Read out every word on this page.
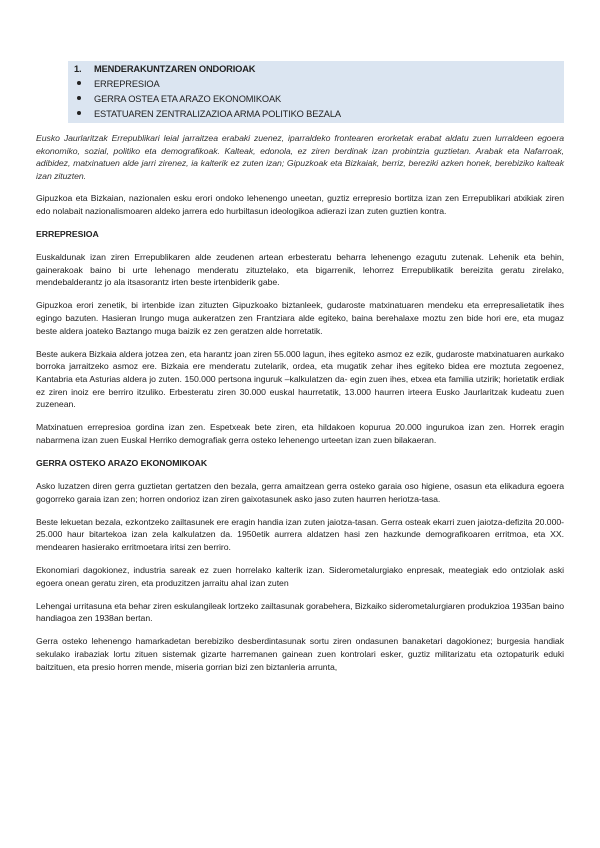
1. MENDERAKUNTZAREN ONDORIOAK
ERREPRESIOA
GERRA OSTEA ETA ARAZO EKONOMIKOAK
ESTATUAREN ZENTRALIZAZIOA ARMA POLITIKO BEZALA

Eusko Jaurlaritzak Errepublikari leial jarraitzea erabaki zuenez, iparraldeko frontearen erorketak erabat aldatu zuen lurraldeen egoera ekonomiko, sozial, politiko eta demografikoak. Kalteak, edonola, ez ziren berdinak izan probintzia guztietan. Arabak eta Nafarroak, adibidez, matxinatuen alde jarri zirenez, ia kalterik ez zuten izan; Gipuzkoak eta Bizkaiak, berriz, bereziki azken honek, berebiziko kalteak izan zituzten.

Gipuzkoa eta Bizkaian, nazionalen esku erori ondoko lehenengo uneetan, guztiz errepresio bortitza izan zen Errepublikari atxikiak ziren edo nolabait nazionalismoaren aldeko jarrera edo hurbiltasun ideologikoa adierazi izan zuten guztien kontra.

ERREPRESIOA

Euskaldunak izan ziren Errepublikaren alde zeudenen artean erbesteratu beharra lehenengo ezagutu zutenak. Lehenik eta behin, gainerakoak baino bi urte lehenago menderatu zituztelako, eta bigarrenik, lehorrez Errepublikatik bereizita geratu zirelako, mendebalderantz jo ala itsasorantz irten beste irtenbiderik gabe.

Gipuzkoa erori zenetik, bi irtenbide izan zituzten Gipuzkoako biztanleek, gudaroste matxinatuaren mendeku eta errepresalietatik ihes egingo bazuten. Hasieran Irungo muga aukeratzen zen Frantziara alde egiteko, baina berehalaxe moztu zen bide hori ere, eta mugaz beste aldera joateko Baztango muga baizik ez zen geratzen alde horretatik.

Beste aukera Bizkaia aldera jotzea zen, eta harantz joan ziren 55.000 lagun, ihes egiteko asmoz ez ezik, gudaroste matxinatuaren aurkako borroka jarraitzeko asmoz ere. Bizkaia ere menderatu zutelarik, ordea, eta mugatik zehar ihes egiteko bidea ere moztuta zegoenez, Kantabria eta Asturias aldera jo zuten. 150.000 pertsona inguruk –kalkulatzen da- egin zuen ihes, etxea eta familia utzirik; horietatik erdiak ez ziren inoiz ere berriro itzuliko. Erbesteratu ziren 30.000 euskal haurretatik, 13.000 haurren irteera Eusko Jaurlaritzak kudeatu zuen zuzenean.

Matxinatuen errepresioa gordina izan zen. Espetxeak bete ziren, eta hildakoen kopurua 20.000 ingurukoa izan zen. Horrek eragin nabarmena izan zuen Euskal Herriko demografiak gerra osteko lehenengo urteetan izan zuen bilakaeran.

GERRA OSTEKO ARAZO EKONOMIKOAK

Asko luzatzen diren gerra guztietan gertatzen den bezala, gerra amaitzean gerra osteko garaia oso higiene, osasun eta elikadura egoera gogorreko garaia izan zen; horren ondorioz izan ziren gaixotasunek asko jaso zuten haurren heriotza-tasa.

Beste lekuetan bezala, ezkontzeko zailtasunek ere eragin handia izan zuten jaiotza-tasan. Gerra osteak ekarri zuen jaiotza-defizita 20.000-25.000 haur bitartekoa izan zela kalkulatzen da. 1950etik aurrera aldatzen hasi zen hazkunde demografikoaren erritmoa, eta XX. mendearen hasierako erritmoetara iritsi zen berriro.

Ekonomiari dagokionez, industria sareak ez zuen horrelako kalterik izan. Siderometalurgiako enpresak, meategiak edo ontziolak aski egoera onean geratu ziren, eta produzitzen jarraitu ahal izan zuten

Lehengai urritasuna eta behar ziren eskulangileak lortzeko zailtasunak gorabehera, Bizkaiko siderometalurgiaren produkzioa 1935an baino handiagoa zen 1938an bertan.

Gerra osteko lehenengo hamarkadetan berebiziko desberdintasunak sortu ziren ondasunen banaketari dagokionez; burgesia handiak sekulako irabaziak lortu zituen sistemak gizarte harremanen gainean zuen kontrolari esker, guztiz militarizatu eta oztopaturik eduki baitzituen, eta presio horren mende, miseria gorrian bizi zen biztanleria arrunta,
